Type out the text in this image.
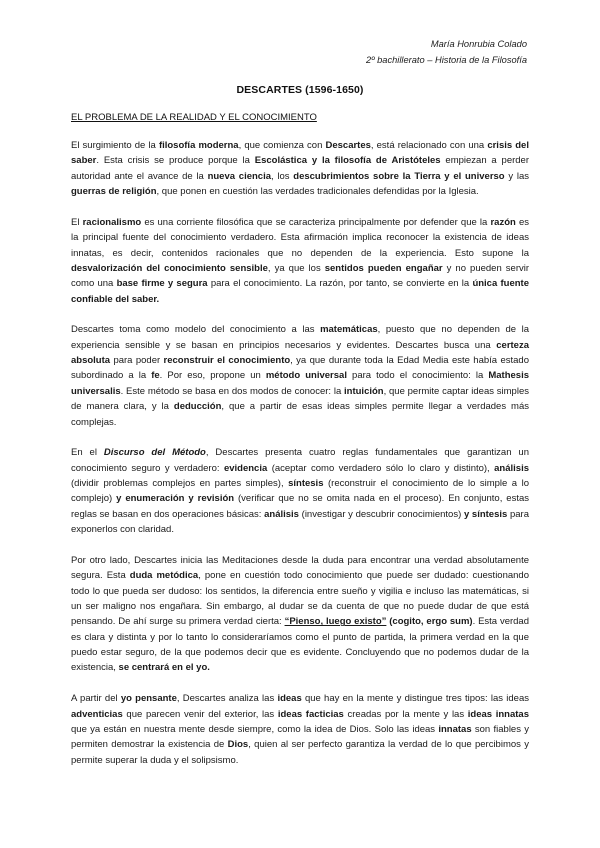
María Honrubia Colado
2º bachillerato – Historia de la Filosofía
DESCARTES (1596-1650)
EL PROBLEMA DE LA REALIDAD Y EL CONOCIMIENTO

El surgimiento de la filosofía moderna, que comienza con Descartes, está relacionado con una crisis del saber. Esta crisis se produce porque la Escolástica y la filosofía de Aristóteles empiezan a perder autoridad ante el avance de la nueva ciencia, los descubrimientos sobre la Tierra y el universo y las guerras de religión, que ponen en cuestión las verdades tradicionales defendidas por la Iglesia.

El racionalismo es una corriente filosófica que se caracteriza principalmente por defender que la razón es la principal fuente del conocimiento verdadero. Esta afirmación implica reconocer la existencia de ideas innatas, es decir, contenidos racionales que no dependen de la experiencia. Esto supone la desvalorización del conocimiento sensible, ya que los sentidos pueden engañar y no pueden servir como una base firme y segura para el conocimiento. La razón, por tanto, se convierte en la única fuente confiable del saber.

Descartes toma como modelo del conocimiento a las matemáticas, puesto que no dependen de la experiencia sensible y se basan en principios necesarios y evidentes. Descartes busca una certeza absoluta para poder reconstruir el conocimiento, ya que durante toda la Edad Media este había estado subordinado a la fe. Por eso, propone un método universal para todo el conocimiento: la Mathesis universalis. Este método se basa en dos modos de conocer: la intuición, que permite captar ideas simples de manera clara, y la deducción, que a partir de esas ideas simples permite llegar a verdades más complejas.

En el Discurso del Método, Descartes presenta cuatro reglas fundamentales que garantizan un conocimiento seguro y verdadero: evidencia (aceptar como verdadero sólo lo claro y distinto), análisis (dividir problemas complejos en partes simples), síntesis (reconstruir el conocimiento de lo simple a lo complejo) y enumeración y revisión (verificar que no se omita nada en el proceso). En conjunto, estas reglas se basan en dos operaciones básicas: análisis (investigar y descubrir conocimientos) y síntesis para exponerlos con claridad.

Por otro lado, Descartes inicia las Meditaciones desde la duda para encontrar una verdad absolutamente segura. Esta duda metódica, pone en cuestión todo conocimiento que puede ser dudado: cuestionando todo lo que pueda ser dudoso: los sentidos, la diferencia entre sueño y vigilia e incluso las matemáticas, si un ser maligno nos engañara. Sin embargo, al dudar se da cuenta de que no puede dudar de que está pensando. De ahí surge su primera verdad cierta: “Pienso, luego existo” (cogito, ergo sum). Esta verdad es clara y distinta y por lo tanto lo consideraríamos como el punto de partida, la primera verdad en la que puedo estar seguro, de la que podemos decir que es evidente. Concluyendo que no podemos dudar de la existencia, se centrará en el yo.

A partir del yo pensante, Descartes analiza las ideas que hay en la mente y distingue tres tipos: las ideas adventicias que parecen venir del exterior, las ideas facticias creadas por la mente y las ideas innatas que ya están en nuestra mente desde siempre, como la idea de Dios. Solo las ideas innatas son fiables y permiten demostrar la existencia de Dios, quien al ser perfecto garantiza la verdad de lo que percibimos y permite superar la duda y el solipsismo.
